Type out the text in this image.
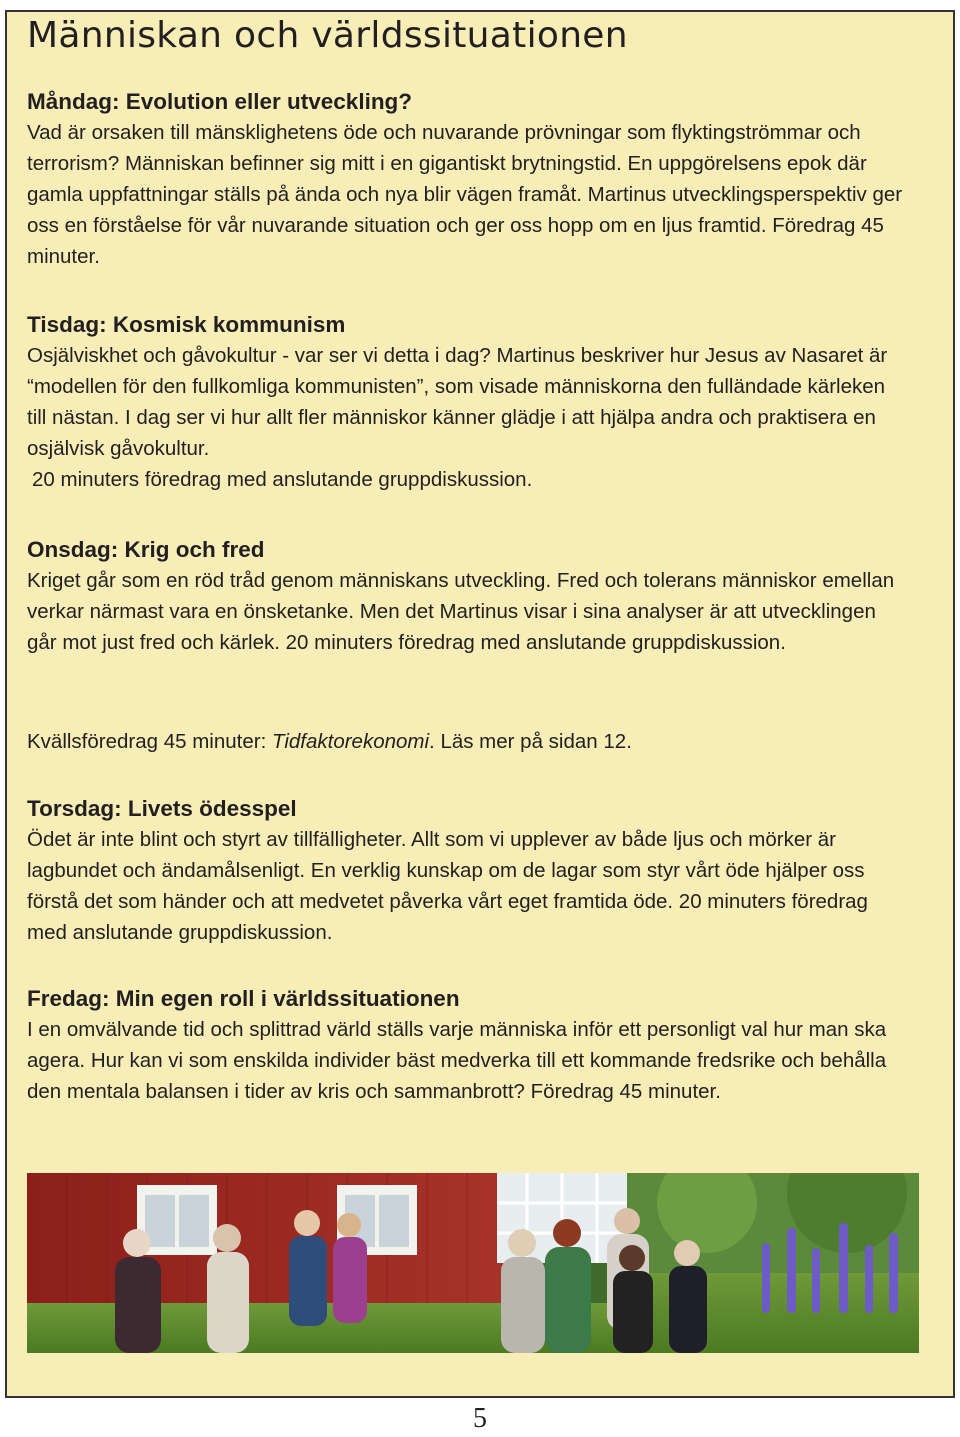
Människan och världssituationen
Måndag: Evolution eller utveckling?

Vad är orsaken till mänsklighetens öde och nuvarande prövningar som flyktingströmmar och terrorism? Människan befinner sig mitt i en gigantiskt brytningstid. En uppgörelsens epok där gamla uppfattningar ställs på ända och nya blir vägen framåt. Martinus utvecklingsperspektiv ger oss en förståelse för vår nuvarande situation och ger oss hopp om en ljus framtid. Föredrag 45 minuter.

Tisdag: Kosmisk kommunism

Osjälviskhet och gåvokultur - var ser vi detta i dag? Martinus beskriver hur Jesus av Nasaret är “modellen för den fullkomliga kommunisten”, som visade människorna den fulländade kärleken till nästan. I dag ser vi hur allt fler människor känner glädje i att hjälpa andra och praktisera en osjälvisk gåvokultur.

20 minuters föredrag med anslutande gruppdiskussion.

Onsdag: Krig och fred

Kriget går som en röd tråd genom människans utveckling. Fred och tolerans människor emellan verkar närmast vara en önsketanke. Men det Martinus visar i sina analyser är att utvecklingen går mot just fred och kärlek. 20 minuters föredrag med anslutande gruppdiskussion.

Kvällsföredrag 45 minuter: Tidfaktorekonomi. Läs mer på sidan 12.

Torsdag: Livets ödesspel

Ödet är inte blint och styrt av tillfälligheter. Allt som vi upplever av både ljus och mörker är lagbundet och ändamålsenligt. En verklig kunskap om de lagar som styr vårt öde hjälper oss förstå det som händer och att medvetet påverka vårt eget framtida öde. 20 minuters föredrag med anslutande gruppdiskussion.

Fredag: Min egen roll i världssituationen

I en omvälvande tid och splittrad värld ställs varje människa inför ett personligt val hur man ska agera. Hur kan vi som enskilda individer bäst medverka till ett kommande fredsrike och behålla den mentala balansen i tider av kris och sammanbrott? Föredrag 45 minuter.

5
